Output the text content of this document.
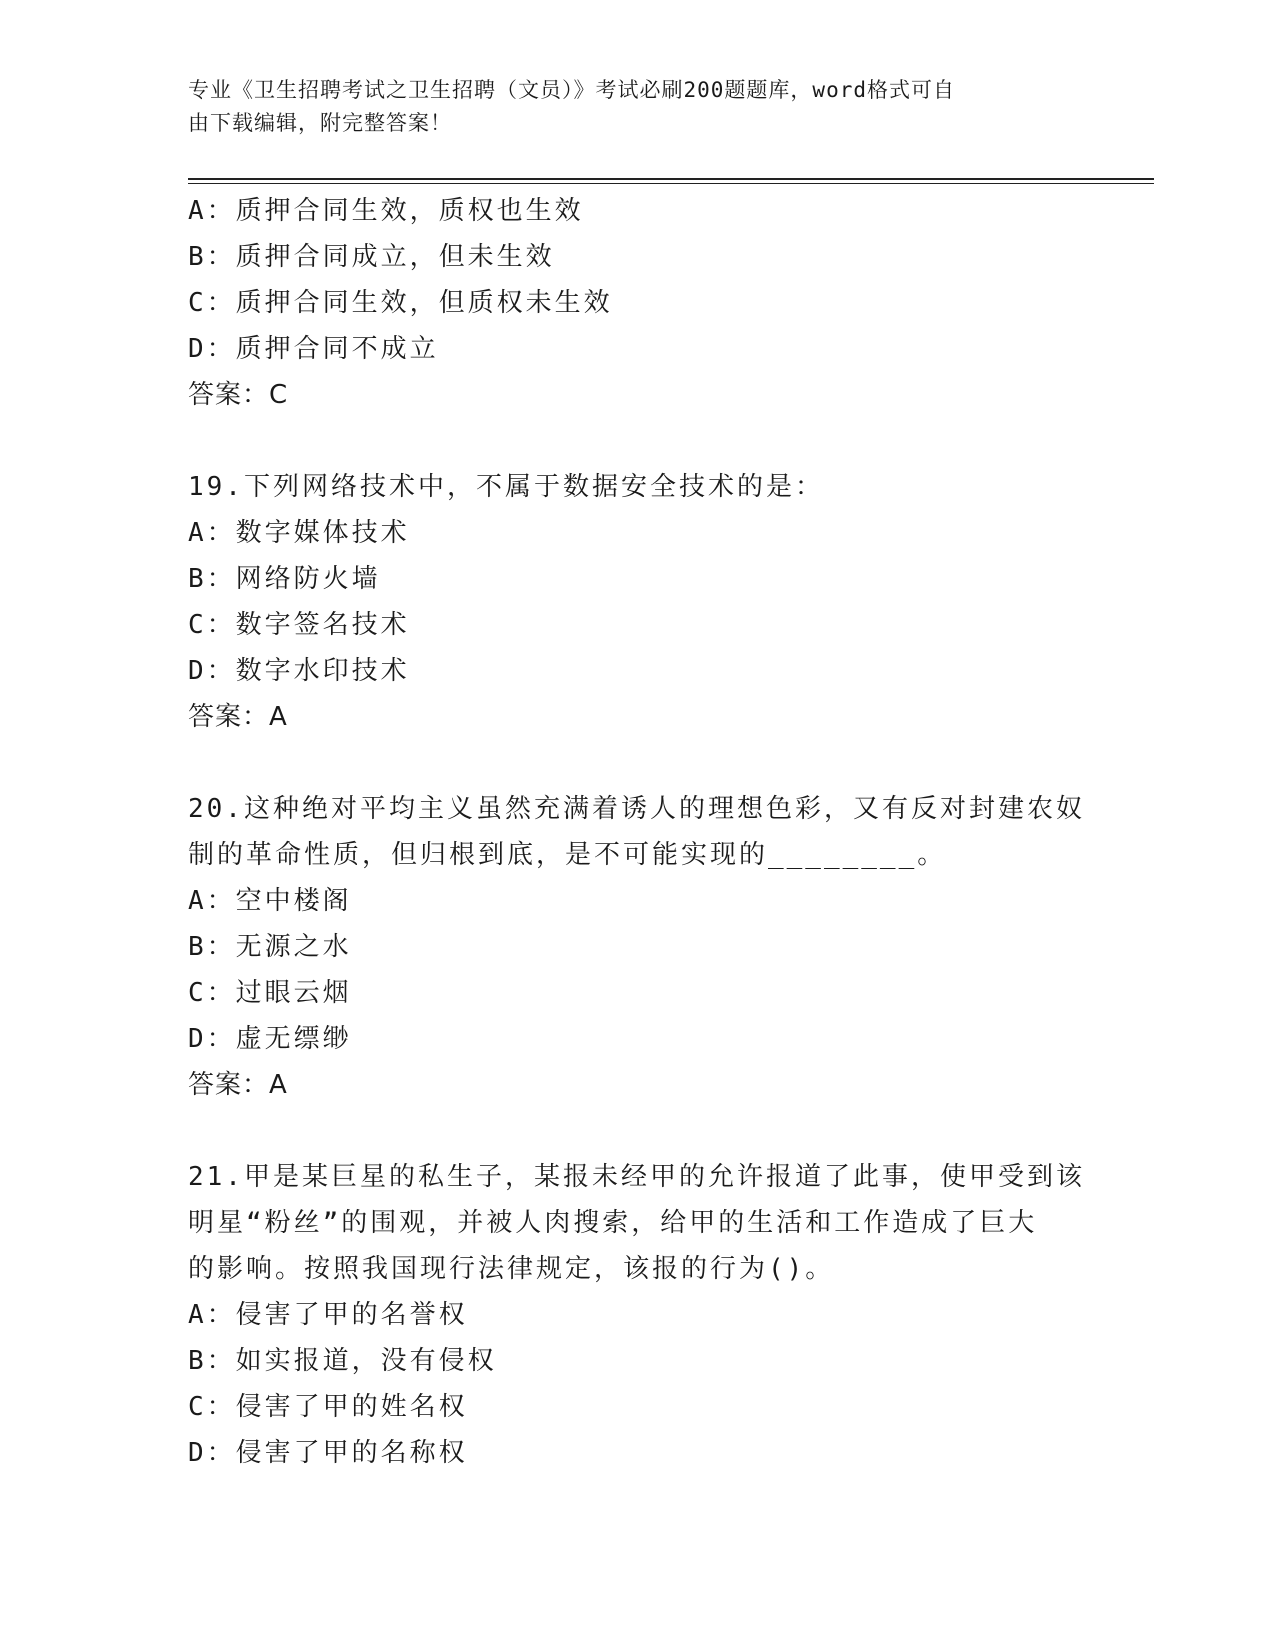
专业《卫生招聘考试之卫生招聘（文员）》考试必刷200题题库，word格式可自
由下载编辑，附完整答案！
A：质押合同生效，质权也生效
B：质押合同成立，但未生效
C：质押合同生效，但质权未生效
D：质押合同不成立
答案：C
19.下列网络技术中，不属于数据安全技术的是：
A：数字媒体技术
B：网络防火墙
C：数字签名技术
D：数字水印技术
答案：A
20.这种绝对平均主义虽然充满着诱人的理想色彩，又有反对封建农奴
制的革命性质，但归根到底，是不可能实现的________。
A：空中楼阁
B：无源之水
C：过眼云烟
D：虚无缥缈
答案：A
21.甲是某巨星的私生子，某报未经甲的允许报道了此事，使甲受到该
明星“粉丝”的围观，并被人肉搜索，给甲的生活和工作造成了巨大
的影响。按照我国现行法律规定，该报的行为()。
A：侵害了甲的名誉权
B：如实报道，没有侵权
C：侵害了甲的姓名权
D：侵害了甲的名称权
